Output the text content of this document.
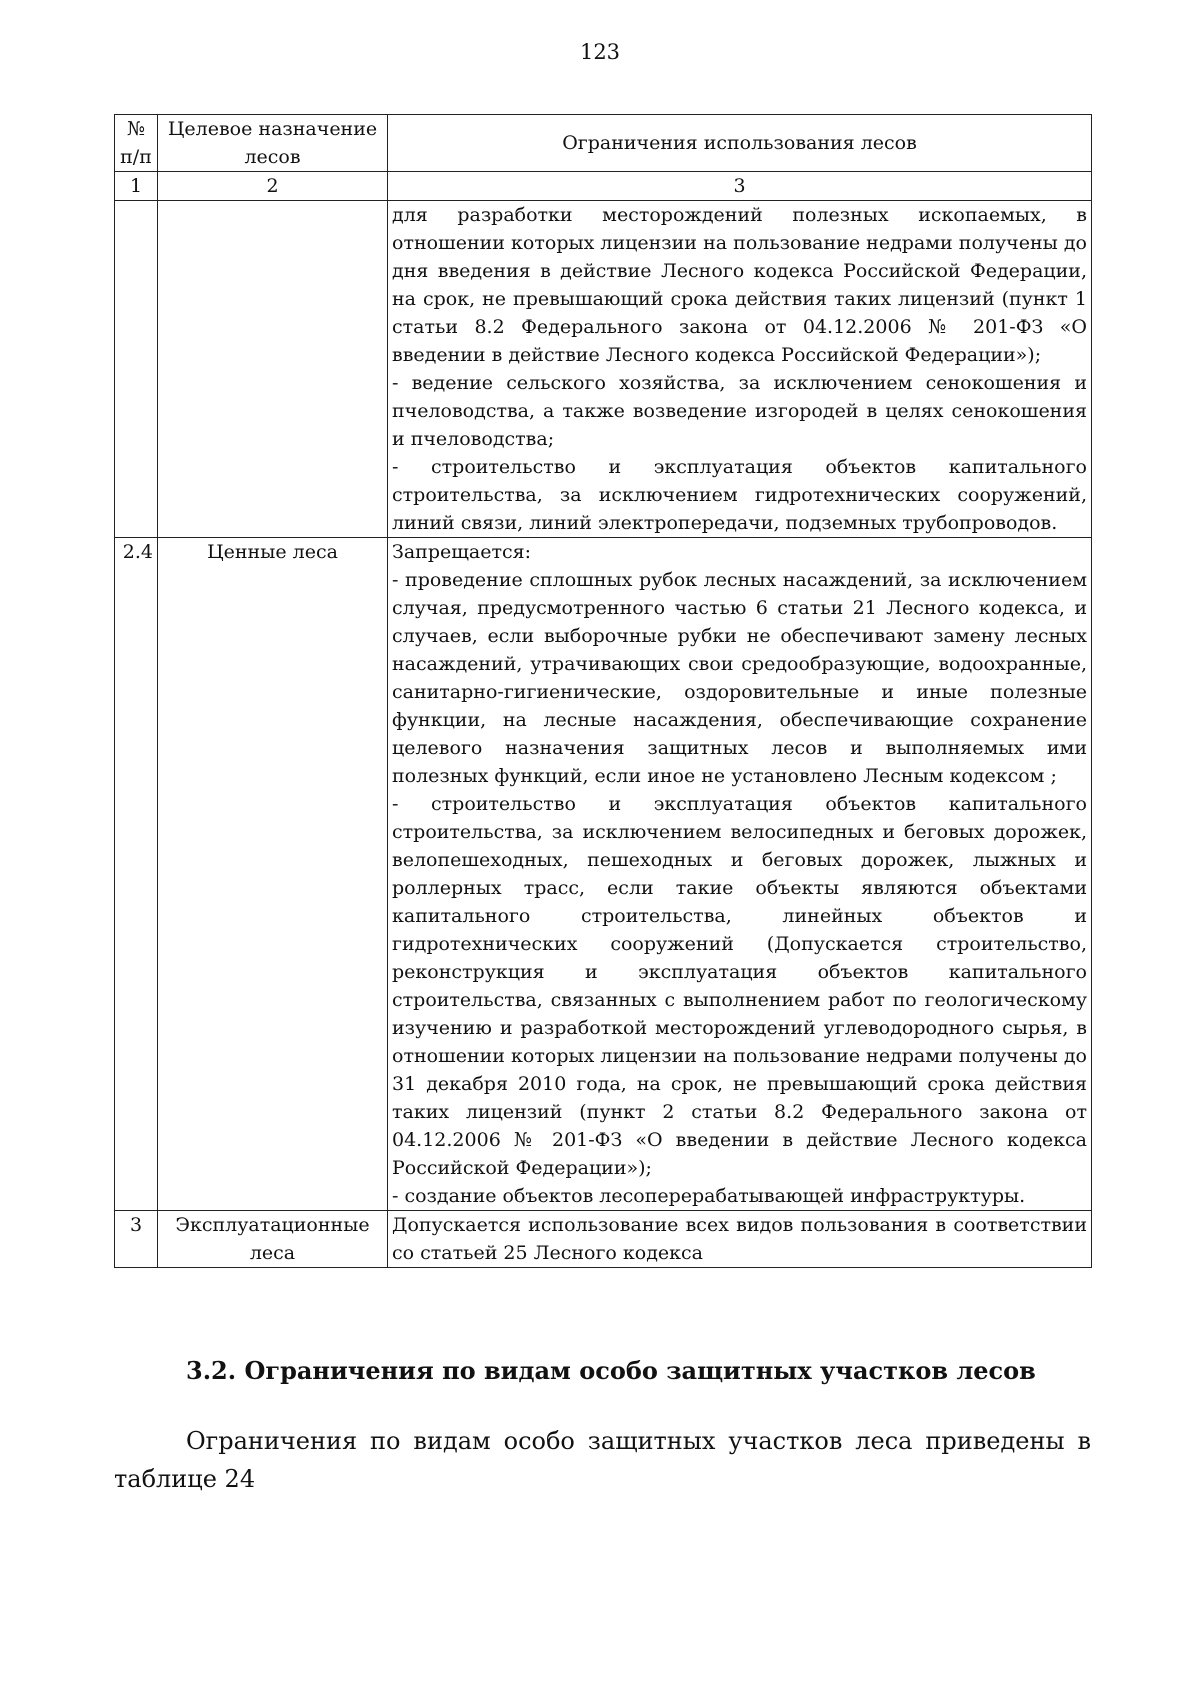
123
№ п/п	Целевое назначение лесов	Ограничения использования лесов
1	2	3

		для разработки месторождений полезных ископаемых, в отношении которых лицензии на пользование недрами получены до дня введения в действие Лесного кодекса Российской Федерации, на срок, не превышающий срока действия таких лицензий (пункт 1 статьи 8.2 Федерального закона от 04.12.2006 № 201-ФЗ «О введении в действие Лесного кодекса Российской Федерации»);

- ведение сельского хозяйства, за исключением сенокошения и пчеловодства, а также возведение изгородей в целях сенокошения и пчеловодства;

- строительство и эксплуатация объектов капитального строительства, за исключением гидротехнических сооружений, линий связи, линий электропередачи, подземных трубопроводов.

2.4	Ценные леса	Запрещается:

- проведение сплошных рубок лесных насаждений, за исключением случая, предусмотренного частью 6 статьи 21 Лесного кодекса, и случаев, если выборочные рубки не обеспечивают замену лесных насаждений, утрачивающих свои средообразующие, водоохранные, санитарно-гигиенические, оздоровительные и иные полезные функции, на лесные насаждения, обеспечивающие сохранение целевого назначения защитных лесов и выполняемых ими полезных функций, если иное не установлено Лесным кодексом ;

- строительство и эксплуатация объектов капитального строительства, за исключением велосипедных и беговых дорожек, велопешеходных, пешеходных и беговых дорожек, лыжных и роллерных трасс, если такие объекты являются объектами капитального строительства, линейных объектов и гидротехнических сооружений (Допускается строительство, реконструкция и эксплуатация объектов капитального строительства, связанных с выполнением работ по геологическому изучению и разработкой месторождений углеводородного сырья, в отношении которых лицензии на пользование недрами получены до 31 декабря 2010 года, на срок, не превышающий срока действия таких лицензий (пункт 2 статьи 8.2 Федерального закона от 04.12.2006 № 201-ФЗ «О введении в действие Лесного кодекса Российской Федерации»);

- создание объектов лесоперерабатывающей инфраструктуры.

3	Эксплуатационные леса	Допускается использование всех видов пользования в соответствии со статьей 25 Лесного кодекса

3.2. Ограничения по видам особо защитных участков лесов

Ограничения по видам особо защитных участков леса приведены в таблице 24
